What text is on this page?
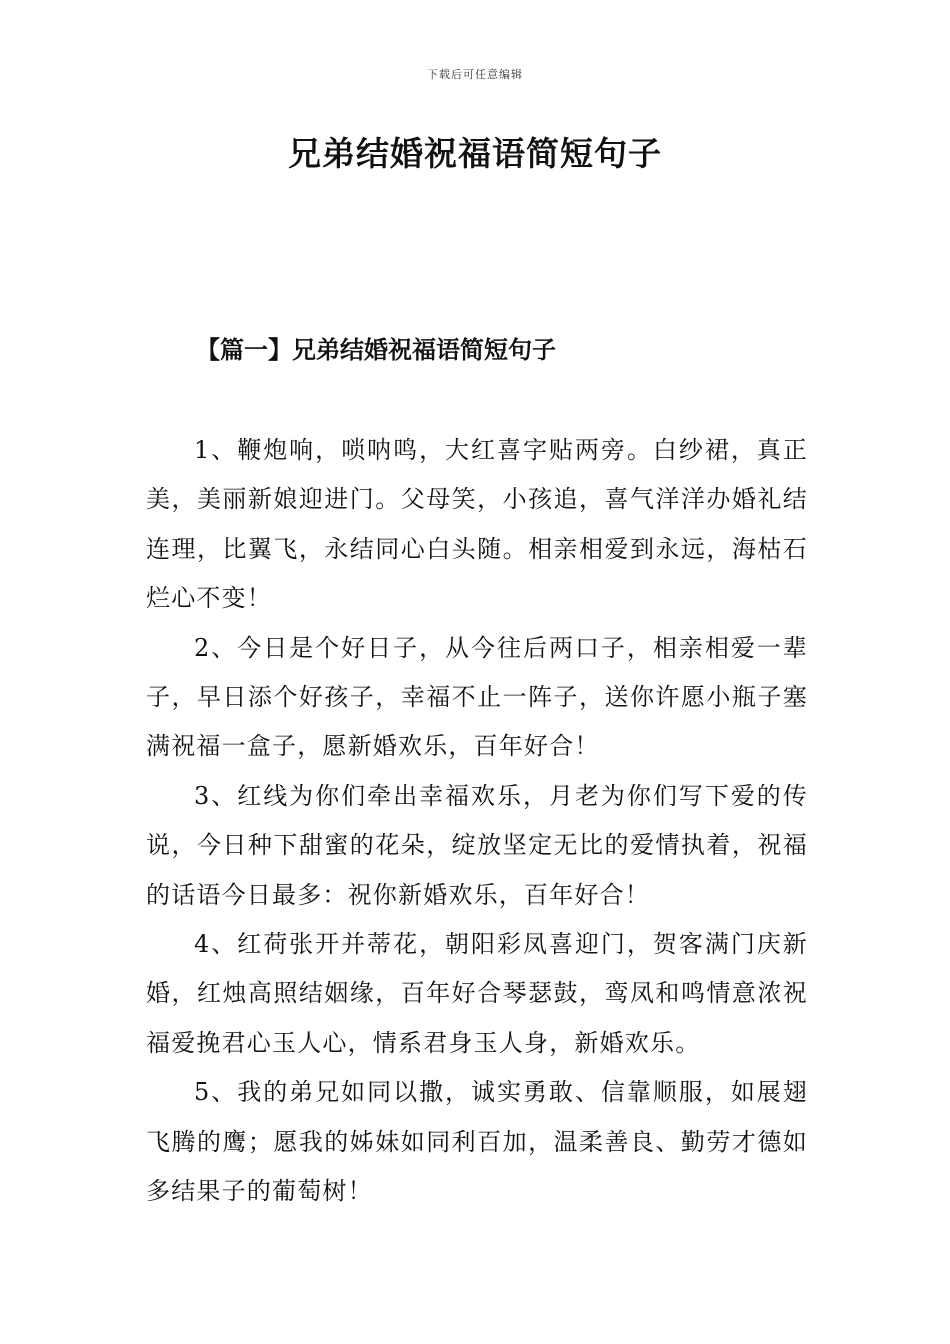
下载后可任意编辑
兄弟结婚祝福语简短句子
【篇一】兄弟结婚祝福语简短句子

1、鞭炮响，唢呐鸣，大红喜字贴两旁。白纱裙，真正美，美丽新娘迎进门。父母笑，小孩追，喜气洋洋办婚礼结连理，比翼飞，永结同心白头随。相亲相爱到永远，海枯石烂心不变！

2、今日是个好日子，从今往后两口子，相亲相爱一辈子，早日添个好孩子，幸福不止一阵子，送你许愿小瓶子塞满祝福一盒子，愿新婚欢乐，百年好合！

3、红线为你们牵出幸福欢乐，月老为你们写下爱的传说，今日种下甜蜜的花朵，绽放坚定无比的爱情执着，祝福的话语今日最多：祝你新婚欢乐，百年好合！

4、红荷张开并蒂花，朝阳彩凤喜迎门，贺客满门庆新婚，红烛高照结姻缘，百年好合琴瑟鼓，鸾凤和鸣情意浓祝福爱挽君心玉人心，情系君身玉人身，新婚欢乐。

5、我的弟兄如同以撒，诚实勇敢、信靠顺服，如展翅飞腾的鹰；愿我的姊妹如同利百加，温柔善良、勤劳才德如多结果子的葡萄树！
